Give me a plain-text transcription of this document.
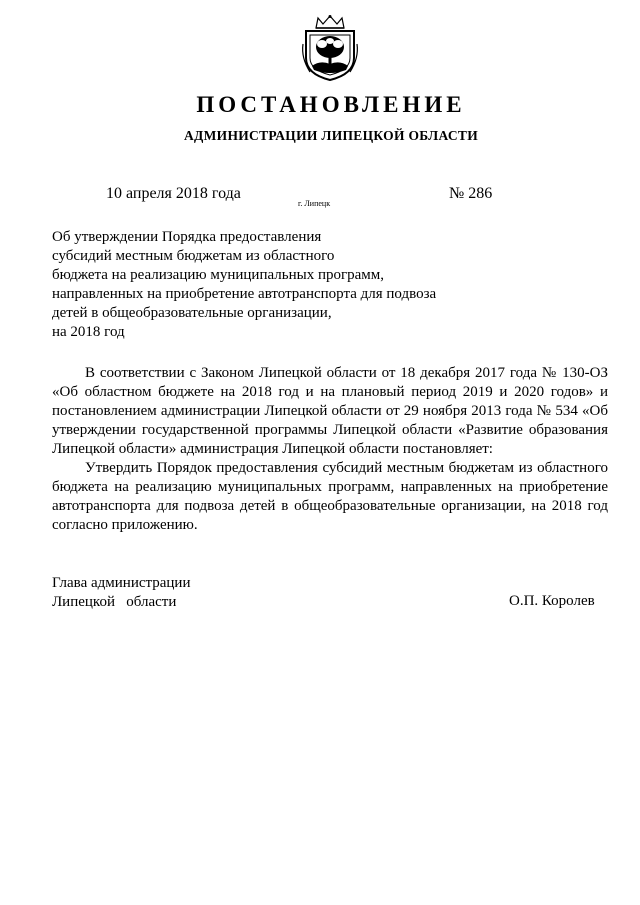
ПОСТАНОВЛЕНИЕ
АДМИНИСТРАЦИИ ЛИПЕЦКОЙ ОБЛАСТИ
10 апреля 2018 года
г. Липецк
№ 286
Об утверждении Порядка предоставления
субсидий местным бюджетам из областного
бюджета на реализацию муниципальных программ,
направленных на приобретение автотранспорта для подвоза
детей в общеобразовательные организации,
на 2018 год

В соответствии с Законом Липецкой области от 18 декабря 2017 года № 130-ОЗ «Об областном бюджете на 2018 год и на плановый период 2019 и 2020 годов» и постановлением администрации Липецкой области от 29 ноября 2013 года № 534 «Об утверждении государственной программы Липецкой области «Развитие образования Липецкой области» администрация Липецкой области постановляет:

Утвердить Порядок предоставления субсидий местным бюджетам из областного бюджета на реализацию муниципальных программ, направленных на приобретение автотранспорта для подвоза детей в общеобразовательные организации, на 2018 год согласно приложению.

Глава администрации
Липецкой   области	О.П. Королев
